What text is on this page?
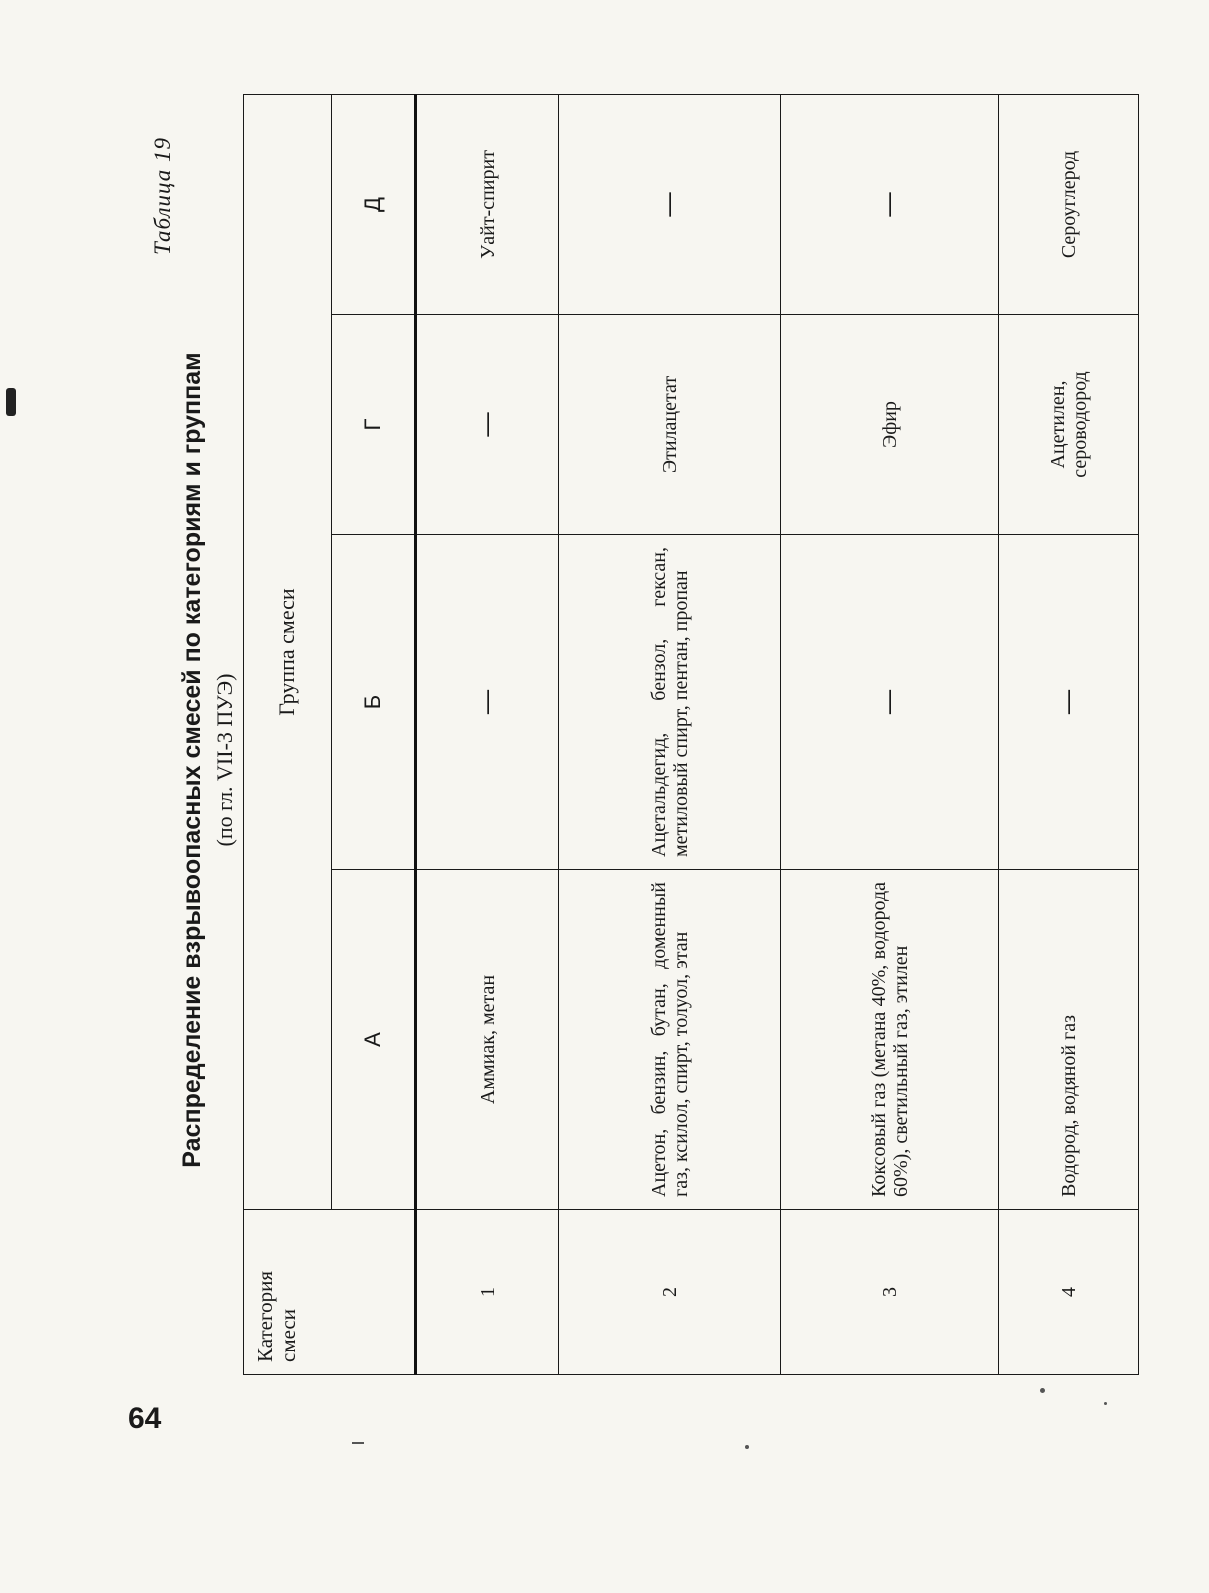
64
Таблица 19
Распределение взрывоопасных смесей по категориям и группам (по гл. VII-3 ПУЭ)
Категория смеси	Группа смеси			
	А	Б	Г	Д
1	Аммиак, метан	—	—	Уайт-спирит
2	Ацетон, бензин, бутан, доменный газ, ксилол, спирт, толуол, этан	Ацетальдегид, бензол, гексан, метиловый спирт, пентан, пропан	Этилацетат	—
3	Коксовый газ (метана 40%, водорода 60%), светильный газ, этилен	—	Эфир	—
4	Водород, водяной газ	—	Ацетилен, сероводород	Сероуглерод
